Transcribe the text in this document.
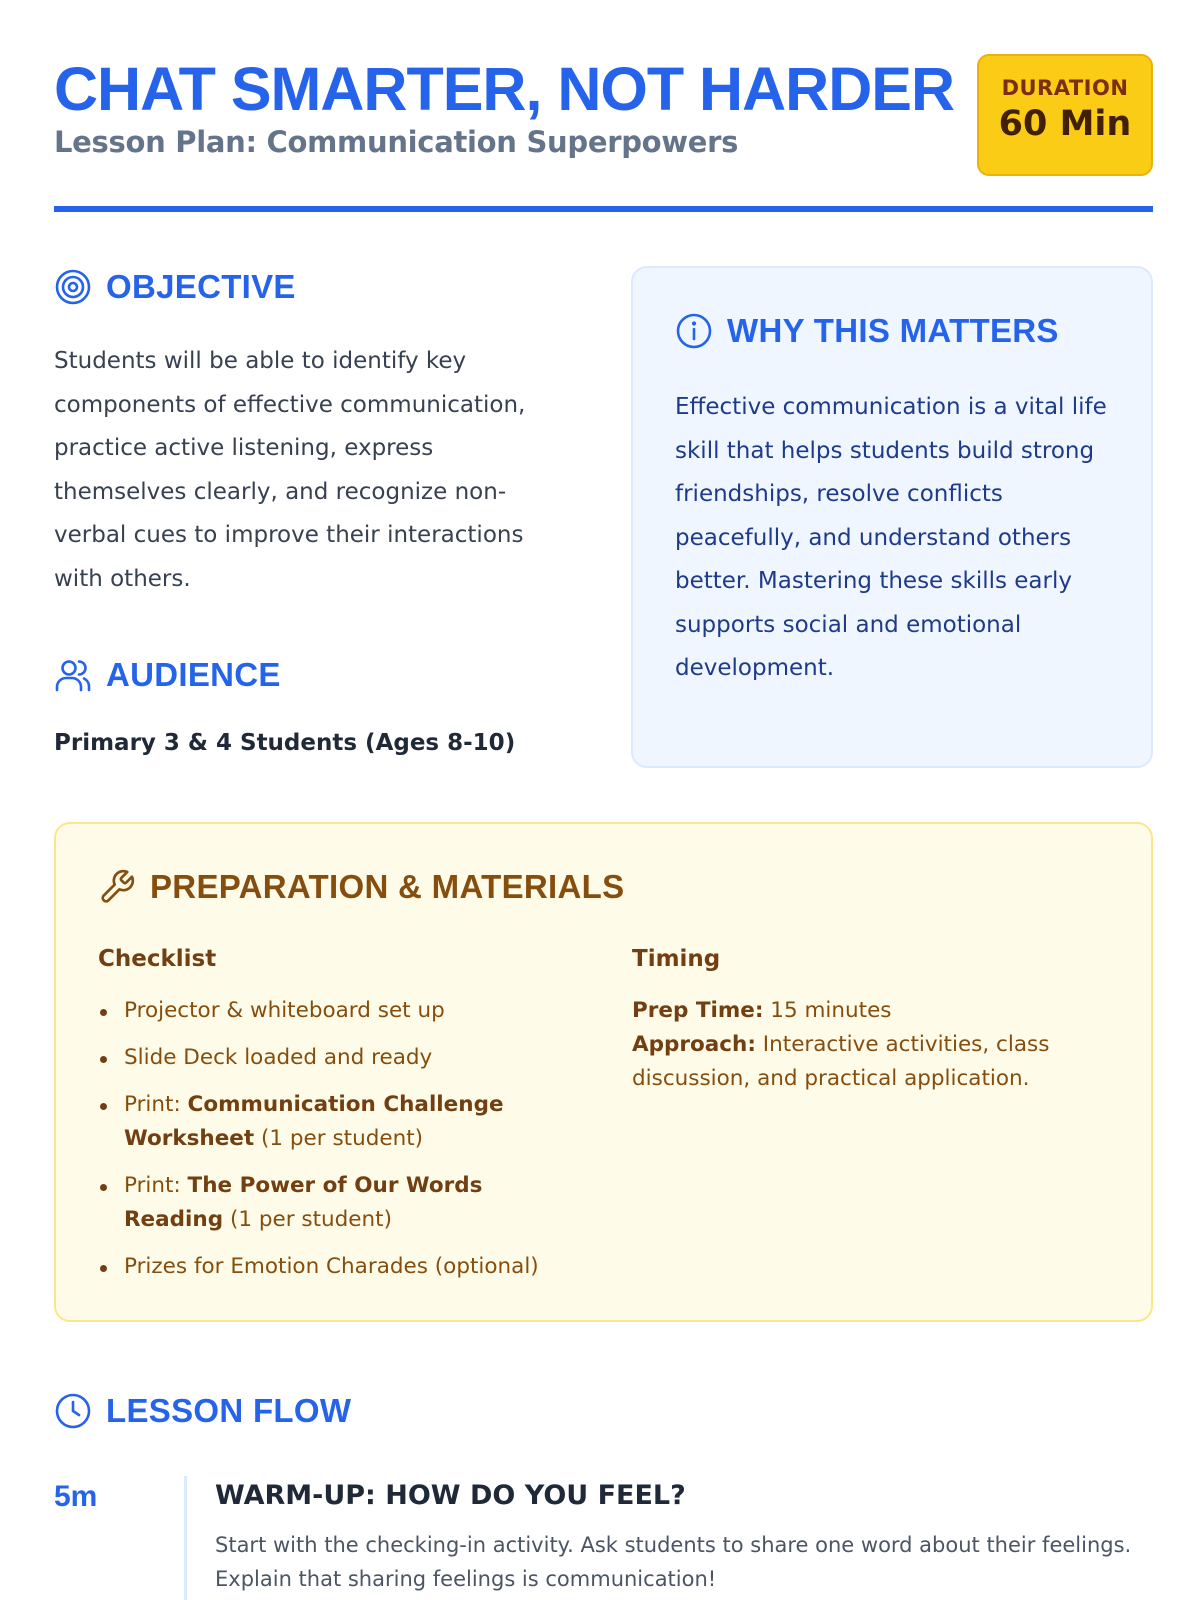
CHAT SMARTER, NOT HARDER
Lesson Plan: Communication Superpowers
DURATION
60 Min
OBJECTIVE
Students will be able to identify key components of effective communication, practice active listening, express themselves clearly, and recognize non-verbal cues to improve their interactions with others.
AUDIENCE
Primary 3 & 4 Students (Ages 8-10)
WHY THIS MATTERS
Effective communication is a vital life skill that helps students build strong friendships, resolve conflicts peacefully, and understand others better. Mastering these skills early supports social and emotional development.
PREPARATION & MATERIALS
Checklist
Projector & whiteboard set up
Slide Deck loaded and ready
Print: Communication Challenge Worksheet (1 per student)
Print: The Power of Our Words Reading (1 per student)
Prizes for Emotion Charades (optional)
Timing
Prep Time: 15 minutes
Approach: Interactive activities, class discussion, and practical application.
LESSON FLOW
5m	WARM-UP: HOW DO YOU FEEL?
Start with the checking-in activity. Ask students to share one word about their feelings. Explain that sharing feelings is communication!
